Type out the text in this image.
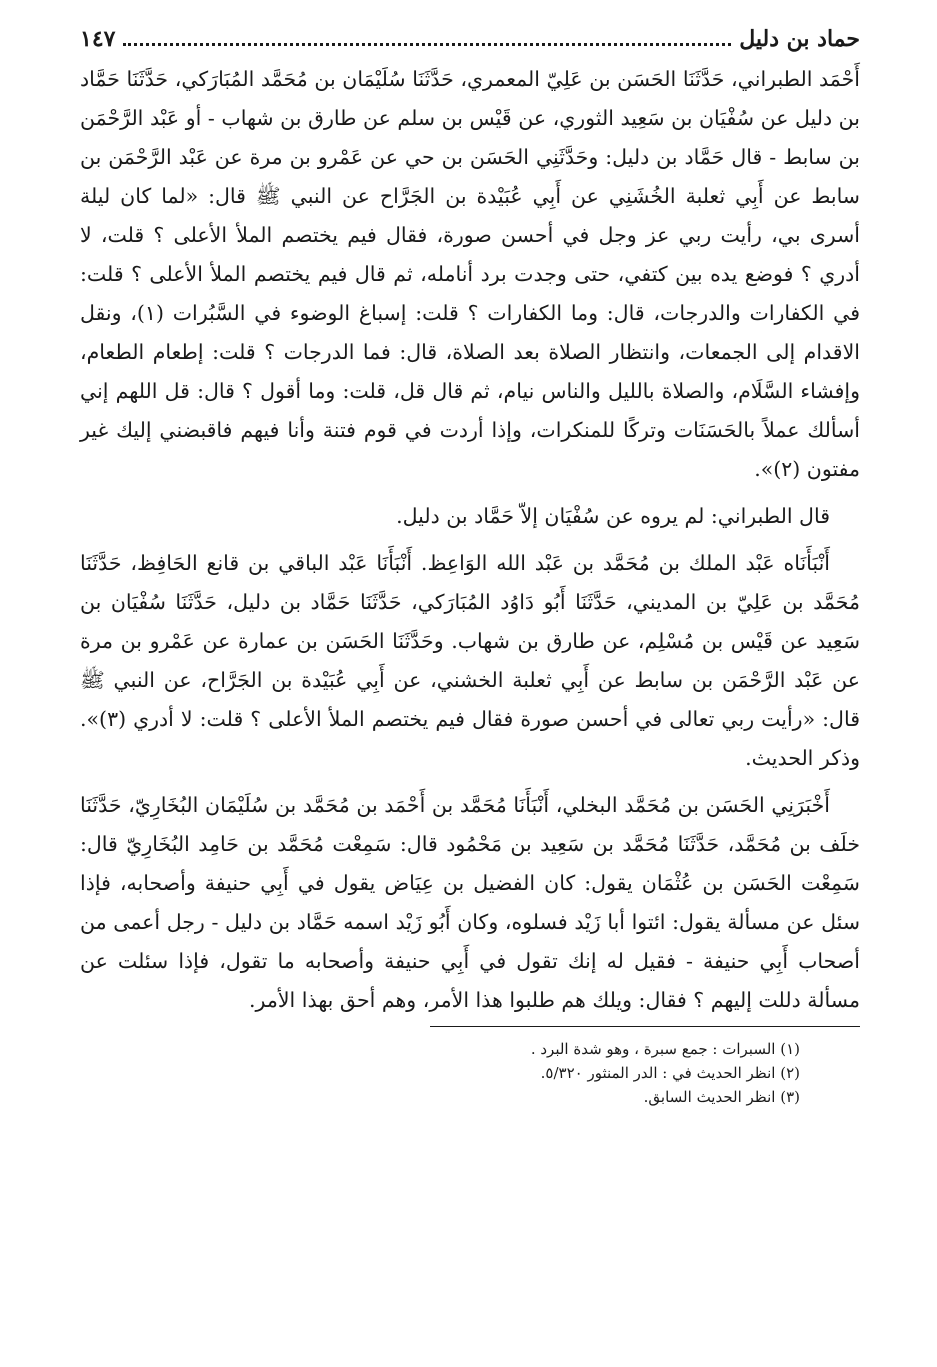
حماد بن دليل
١٤٧

أَحْمَد الطبراني، حَدَّثَنَا الحَسَن بن عَلِيّ المعمري، حَدَّثَنَا سُلَيْمَان بن مُحَمَّد المُبَارَكي، حَدَّثَنَا حَمَّاد بن دليل عن سُفْيَان بن سَعِيد الثوري، عن قَيْس بن سلم عن طارق بن شهاب - أو عَبْد الرَّحْمَن بن سابط - قال حَمَّاد بن دليل: وحَدَّثَنِي الحَسَن بن حي عن عَمْرو بن مرة عن عَبْد الرَّحْمَن بن سابط عن أَبِي ثعلبة الخُشَنِي عن أَبِي عُبَيْدة بن الجَرَّاح عن النبي ﷺ قال: «لما كان ليلة أسرى بي، رأيت ربي عز وجل في أحسن صورة، فقال فيم يختصم الملأ الأعلى ؟ قلت، لا أدري ؟ فوضع يده بين كتفي، حتى وجدت برد أنامله، ثم قال فيم يختصم الملأ الأعلى ؟ قلت: في الكفارات والدرجات، قال: وما الكفارات ؟ قلت: إسباغ الوضوء في السَّبُرات (١)، ونقل الاقدام إلى الجمعات، وانتظار الصلاة بعد الصلاة، قال: فما الدرجات ؟ قلت: إطعام الطعام، وإفشاء السَّلَام، والصلاة بالليل والناس نيام، ثم قال قل، قلت: وما أقول ؟ قال: قل اللهم إني أسألك عملاً بالحَسَنَات وتركًا للمنكرات، وإذا أردت في قوم فتنة وأنا فيهم فاقبضني إليك غير مفتون (٢)».

قال الطبراني: لم يروه عن سُفْيَان إلاّ حَمَّاد بن دليل.

أَنْبَأَنَاه عَبْد الملك بن مُحَمَّد بن عَبْد الله الوَاعِظ. أَنْبَأَنَا عَبْد الباقي بن قانع الحَافِظ، حَدَّثَنَا مُحَمَّد بن عَلِيّ بن المديني، حَدَّثَنَا أَبُو دَاوُد المُبَارَكي، حَدَّثَنَا حَمَّاد بن دليل، حَدَّثَنَا سُفْيَان بن سَعِيد عن قَيْس بن مُسْلِم، عن طارق بن شهاب. وحَدَّثَنَا الحَسَن بن عمارة عن عَمْرو بن مرة عن عَبْد الرَّحْمَن بن سابط عن أَبِي ثعلبة الخشني، عن أَبِي عُبَيْدة بن الجَرَّاح، عن النبي ﷺ قال: «رأيت ربي تعالى في أحسن صورة فقال فيم يختصم الملأ الأعلى ؟ قلت: لا أدري (٣)». وذكر الحديث.

أَخْبَرَنِي الحَسَن بن مُحَمَّد البخلي، أَنْبَأَنَا مُحَمَّد بن أَحْمَد بن مُحَمَّد بن سُلَيْمَان البُخَارِيّ، حَدَّثَنَا خلَف بن مُحَمَّد، حَدَّثَنَا مُحَمَّد بن سَعِيد بن مَحْمُود قال: سَمِعْت مُحَمَّد بن حَامِد البُخَارِيّ قال: سَمِعْت الحَسَن بن عُثْمَان يقول: كان الفضيل بن عِيَاض يقول في أَبِي حنيفة وأصحابه، فإذا سئل عن مسألة يقول: ائتوا أبا زَيْد فسلوه، وكان أَبُو زَيْد اسمه حَمَّاد بن دليل - رجل أعمى من أصحاب أَبِي حنيفة - فقيل له إنك تقول في أَبِي حنيفة وأصحابه ما تقول، فإذا سئلت عن مسألة دللت إليهم ؟ فقال: ويلك هم طلبوا هذا الأمر، وهم أحق بهذا الأمر.

(١) السبرات : جمع سبرة ، وهو شدة البرد .
(٢) انظر الحديث في : الدر المنثور ٥/٣٢٠.
(٣) انظر الحديث السابق.
